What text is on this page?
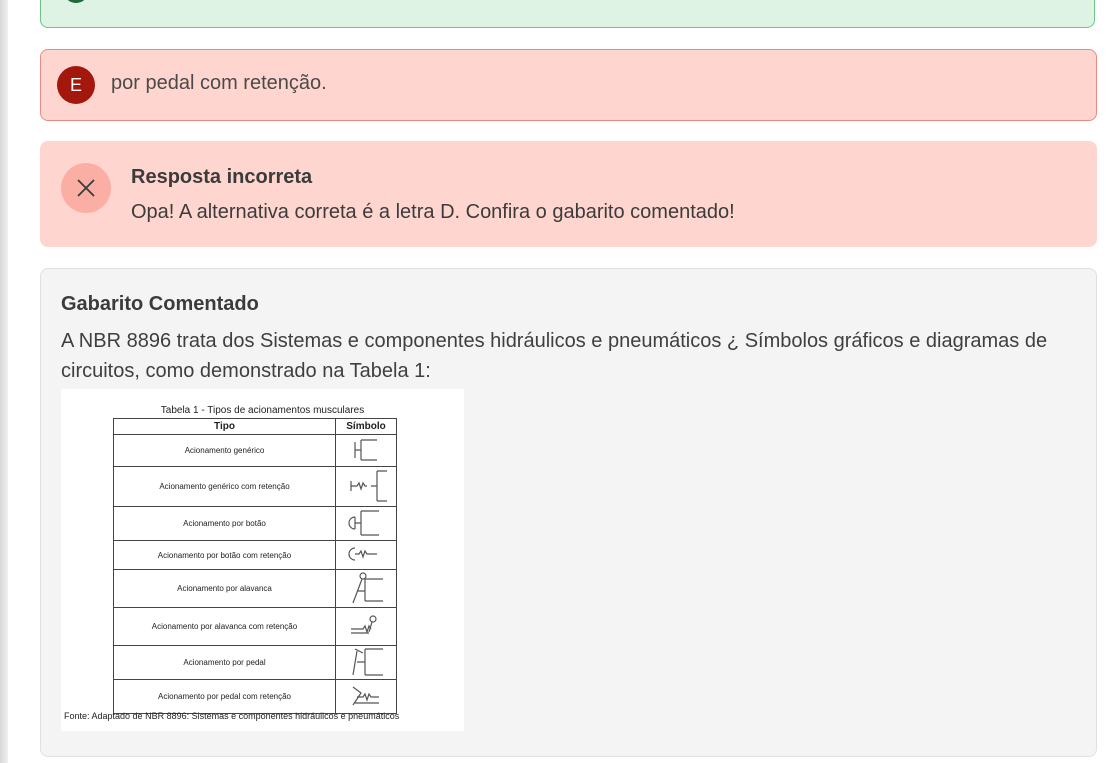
E	por pedal com retenção.
Resposta incorreta
Opa! A alternativa correta é a letra D. Confira o gabarito comentado!
Gabarito Comentado
A NBR 8896 trata dos Sistemas e componentes hidráulicos e pneumáticos ¿ Símbolos gráficos e diagramas de circuitos, como demonstrado na Tabela 1:
Tabela 1 - Tipos de acionamentos musculares
Tipo	Símbolo
Acionamento genérico	
Acionamento genérico com retenção	
Acionamento por botão	
Acionamento por botão com retenção	
Acionamento por alavanca	
Acionamento por alavanca com retenção	
Acionamento por pedal	
Acionamento por pedal com retenção	
Fonte: Adaptado de NBR 8896: Sistemas e componentes hidráulicos e pneumáticos
